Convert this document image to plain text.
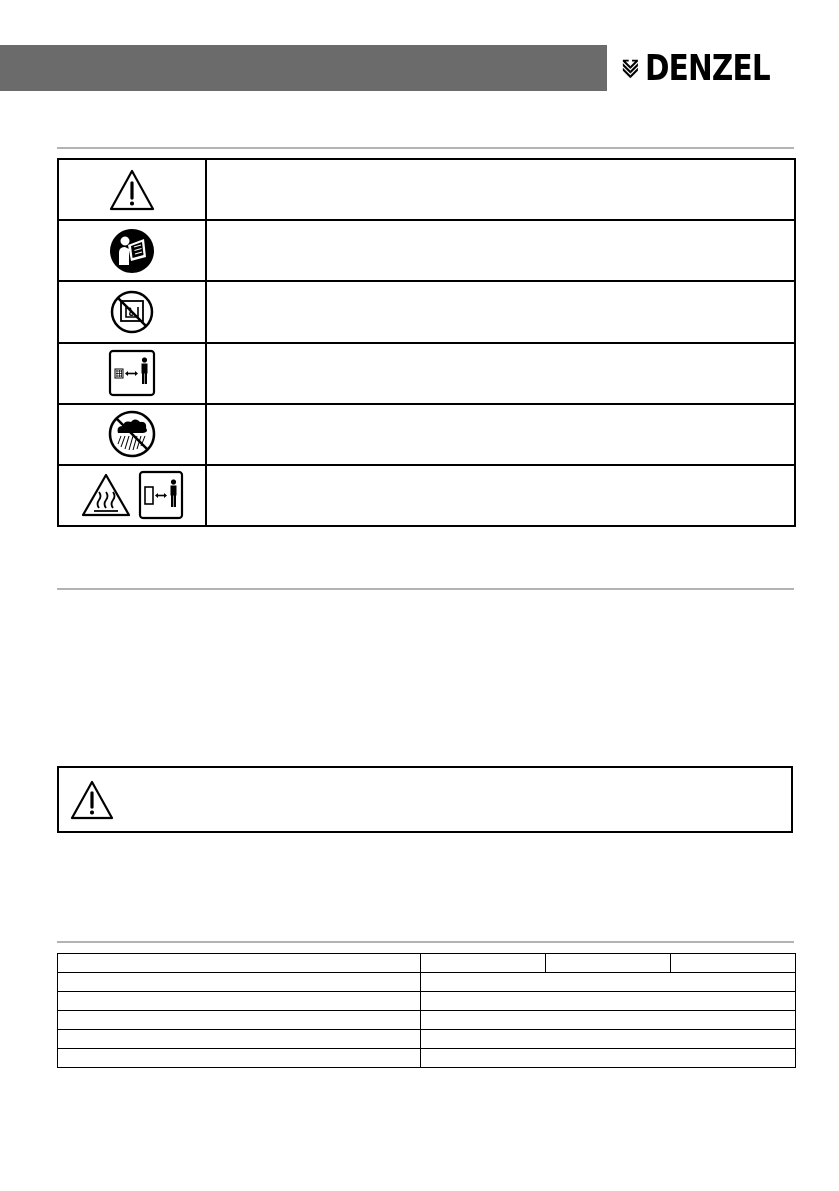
DENZEL
